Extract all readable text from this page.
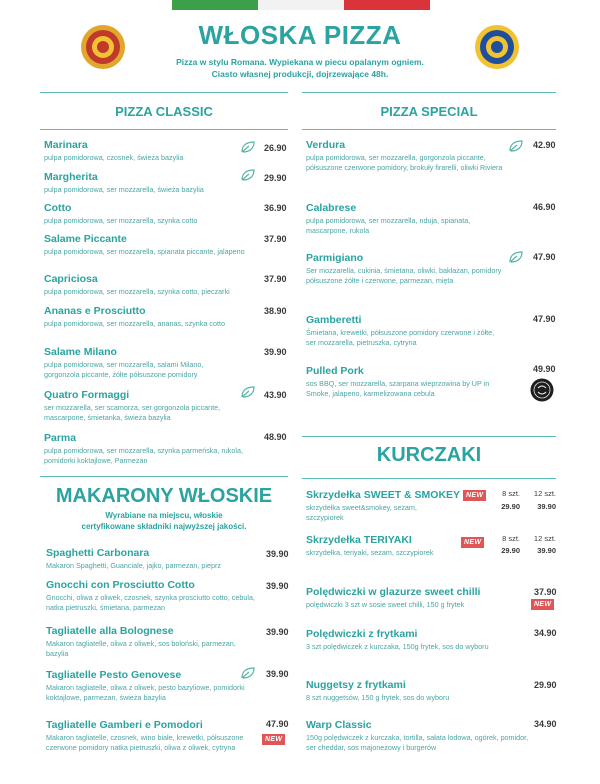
WŁOSKA PIZZA
Pizza w stylu Romana. Wypiekana w piecu opalanym ogniem.
Ciasto własnej produkcji, dojrzewające 48h.
PIZZA CLASSIC	PIZZA SPECIAL
MAKARONY WŁOSKIE
Wyrabiane na miejscu, włoskie
certyfikowane składniki najwyższej jakości.
KURCZAKI
Marinara
pulpa pomidorowa, czosnek, świeża bazylia
26.90
Margherita
pulpa pomidorowa, ser mozzarella, świeża bazylia
29.90
Cotto
pulpa pomidorowa, ser mozzarella, szynka cotto
36.90
Salame Piccante
pulpa pomidorowa, ser mozzarella, spianata piccante, jalapeno
37.90
Capriciosa
pulpa pomidorowa, ser mozzarella, szynka cotto, pieczarki
37.90
Ananas e Prosciutto
pulpa pomidorowa, ser mozzarella, ananas, szynka cotto
38.90
Salame Milano
pulpa pomidorowa, ser mozzarella, salami Milano, gorgonzola piccante, żółte półsuszone pomidory
39.90
Quatro Formaggi
ser mozzarella, ser scamorza, ser gorgonzola piccante, mascarpone, śmietanka, świeża bazylia
43.90
Parma
pulpa pomidorowa, ser mozzarella, szynka parmeńska, rukola, pomidorki koktajlowe, Parmezan
48.90
Verdura
pulpa pomidorowa, ser mozzarella, gorgonzola piccante, półsuszone czerwone pomidory, brokuły firarelli, oliwki Riviera
42.90
Calabrese
pulpa pomidorowa, ser mozzarella, nduja, spianata, mascarpone, rukola
46.90
Parmigiano
Ser mozzarella, cukinia, śmietana, oliwki, bakłażan, pomidory półsuszone żółte i czerwone, parmezan, mięta
47.90
Gamberetti
Śmietana, krewetki, półsuszone pomidory czerwone i żółte, ser mozzarella, pietruszka, cytryna
47.90
Pulled Pork
sos BBQ, ser mozzarella, szarpana wieprzowina by UP in Smoke, jalapeno, karmelizowana cebula
49.90
Spaghetti Carbonara
Makaron Spaghetti, Guanciale, jajko, parmezan, pieprz
39.90
Gnocchi con Prosciutto Cotto
Gnocchi, oliwa z oliwek, czosnek, szynka prosciutto cotto, cebula, natka pietruszki, śmietana, parmezan
39.90
Tagliatelle alla Bolognese
Makaron tagliatelle, oliwa z oliwek, sos boloński, parmezan, bazylia
39.90
Tagliatelle Pesto Genovese
Makaron tagliatelle, oliwa z oliwek, pesto bazyliowe, pomidorki koktajlowe, parmezan, świeża bazylia
39.90
Tagliatelle Gamberi e Pomodori
Makaron tagliatelle, czosnek, wino białe, krewetki, półsuszone czerwone pomidory natka pietruszki, oliwa z oliwek, cytryna
47.90
NEW
Skrzydełka SWEET & SMOKEY
skrzydełka sweet&smokey, sezam, szczypiorek
NEW	8 szt.	12 szt.
29.90	39.90
Skrzydełka TERIYAKI
skrzydełka, teriyaki, sezam, szczypiorek
NEW	8 szt.	12 szt.
29.90	39.90
Polędwiczki w glazurze sweet chilli
polędwiczki 3 szt w sosie sweet chilli, 150 g frytek
37.90
NEW
Polędwiczki z frytkami
3 szt polędwiczek z kurczaka, 150g frytek, sos do wyboru
34.90
Nuggetsy z frytkami
8 szt nuggetsów, 150 g frytek, sos do wyboru
29.90
Warp Classic
150g polędwiczek z kurczaka, tortilla, sałata lodowa, ogórek, pomidor, ser cheddar, sos majonezowy i burgerów
34.90
